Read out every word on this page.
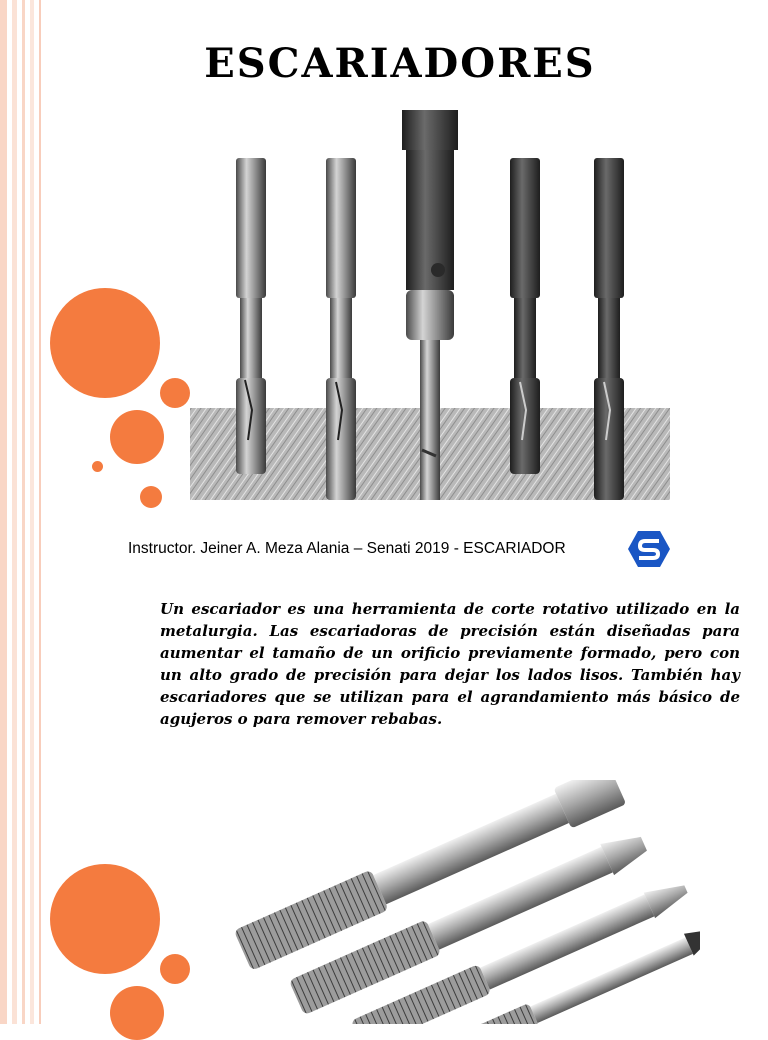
ESCARIADORES
Instructor. Jeiner A. Meza Alania – Senati 2019 - ESCARIADOR

Un escariador es una herramienta de corte rotativo utilizado en la metalurgia. Las escariadoras de precisión están diseñadas para aumentar el tamaño de un orificio previamente formado, pero con un alto grado de precisión para dejar los lados lisos. También hay escariadores que se utilizan para el agrandamiento más básico de agujeros o para remover rebabas.
